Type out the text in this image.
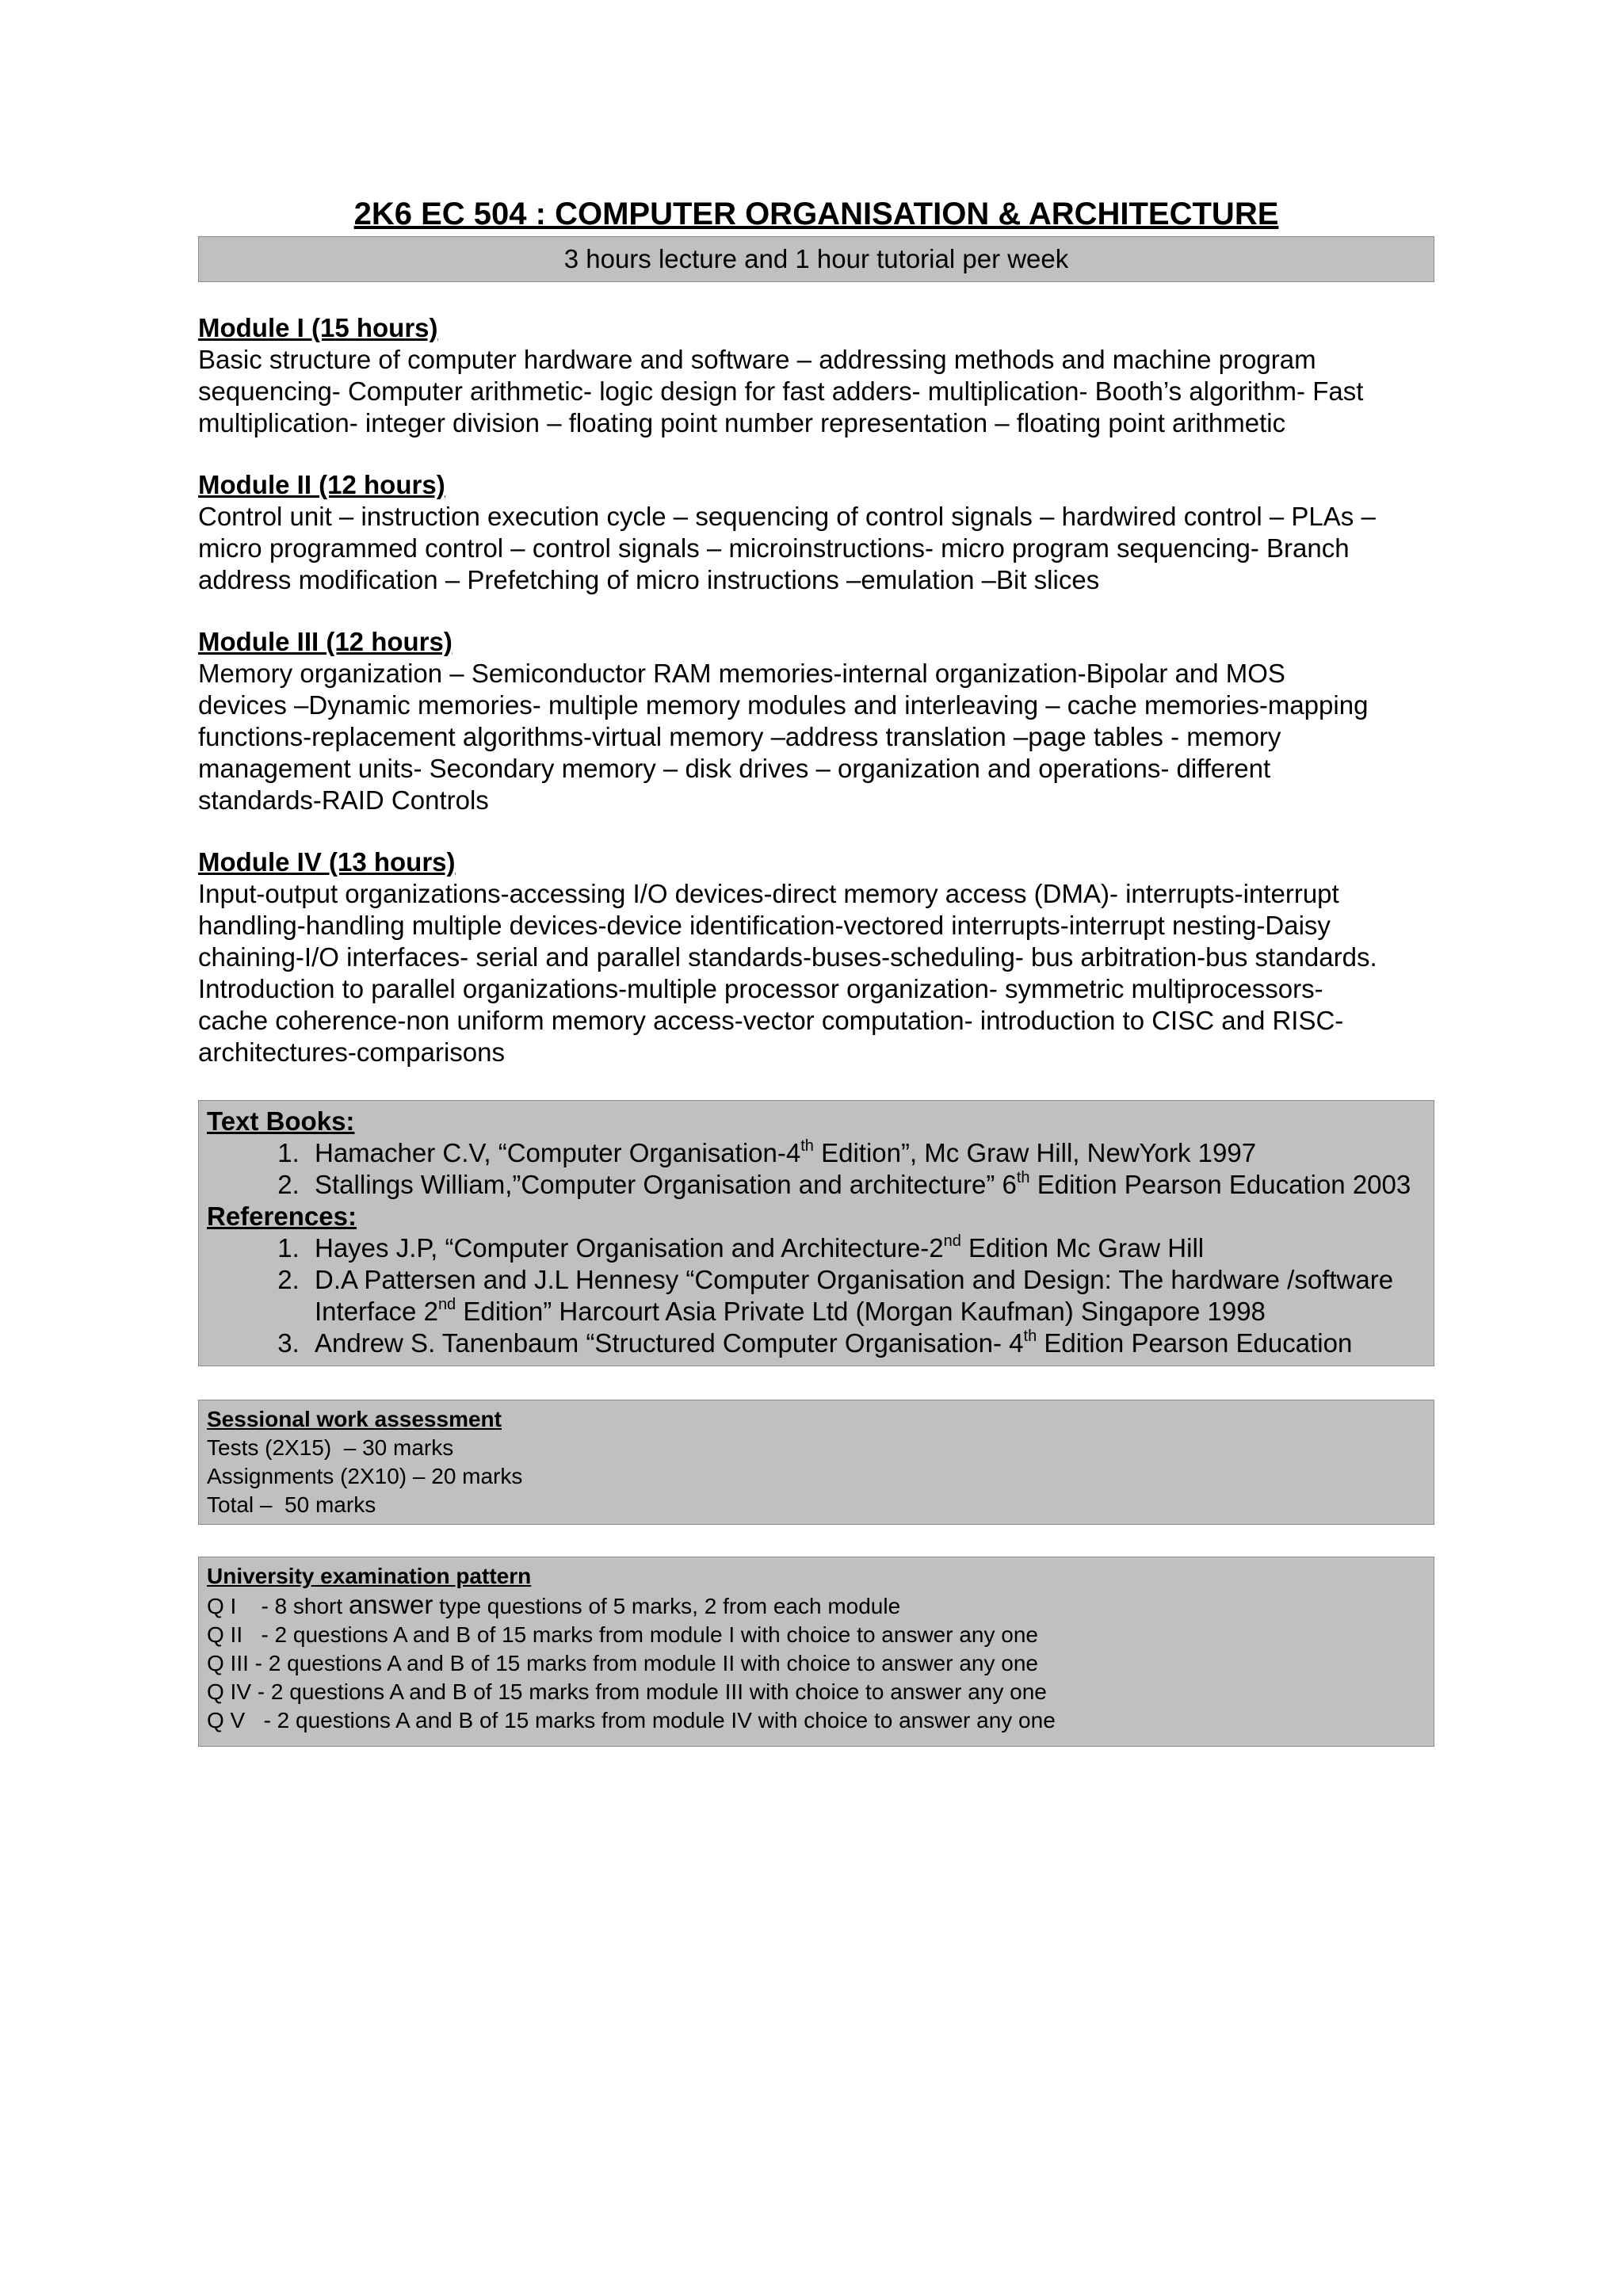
2K6 EC 504 : COMPUTER ORGANISATION & ARCHITECTURE
3 hours lecture and 1 hour tutorial per week
Module I (15 hours)
Basic structure of computer hardware and software – addressing methods and machine program
sequencing- Computer arithmetic- logic design for fast adders- multiplication- Booth’s algorithm- Fast
multiplication- integer division – floating point number representation – floating point arithmetic
Module II (12 hours)
Control unit – instruction execution cycle – sequencing of control signals – hardwired control – PLAs –
micro programmed control – control signals – microinstructions- micro program sequencing- Branch
address modification – Prefetching of micro instructions –emulation –Bit slices
Module III (12 hours)
Memory organization – Semiconductor RAM memories-internal organization-Bipolar and MOS
devices –Dynamic memories- multiple memory modules and interleaving – cache memories-mapping
functions-replacement algorithms-virtual memory –address translation –page tables - memory
management units- Secondary memory – disk drives – organization and operations- different
standards-RAID Controls
Module IV (13 hours)
Input-output organizations-accessing I/O devices-direct memory access (DMA)- interrupts-interrupt
handling-handling multiple devices-device identification-vectored interrupts-interrupt nesting-Daisy
chaining-I/O interfaces- serial and parallel standards-buses-scheduling- bus arbitration-bus standards.
Introduction to parallel organizations-multiple processor organization- symmetric multiprocessors-
cache coherence-non uniform memory access-vector computation- introduction to CISC and RISC-
architectures-comparisons
Text Books:
1. Hamacher C.V, “Computer Organisation-4th Edition”, Mc Graw Hill, NewYork 1997
2. Stallings William,”Computer Organisation and architecture” 6th Edition Pearson Education 2003
References:
1. Hayes J.P, “Computer Organisation and Architecture-2nd Edition Mc Graw Hill
2. D.A Pattersen and J.L Hennesy “Computer Organisation and Design: The hardware /software Interface 2nd Edition” Harcourt Asia Private Ltd (Morgan Kaufman) Singapore 1998
3. Andrew S. Tanenbaum “Structured Computer Organisation- 4th Edition Pearson Education
Sessional work assessment
Tests (2X15)  – 30 marks
Assignments (2X10) – 20 marks
Total –  50 marks
University examination pattern
Q I    - 8 short answer type questions of 5 marks, 2 from each module
Q II   - 2 questions A and B of 15 marks from module I with choice to answer any one
Q III - 2 questions A and B of 15 marks from module II with choice to answer any one
Q IV - 2 questions A and B of 15 marks from module III with choice to answer any one
Q V   - 2 questions A and B of 15 marks from module IV with choice to answer any one
